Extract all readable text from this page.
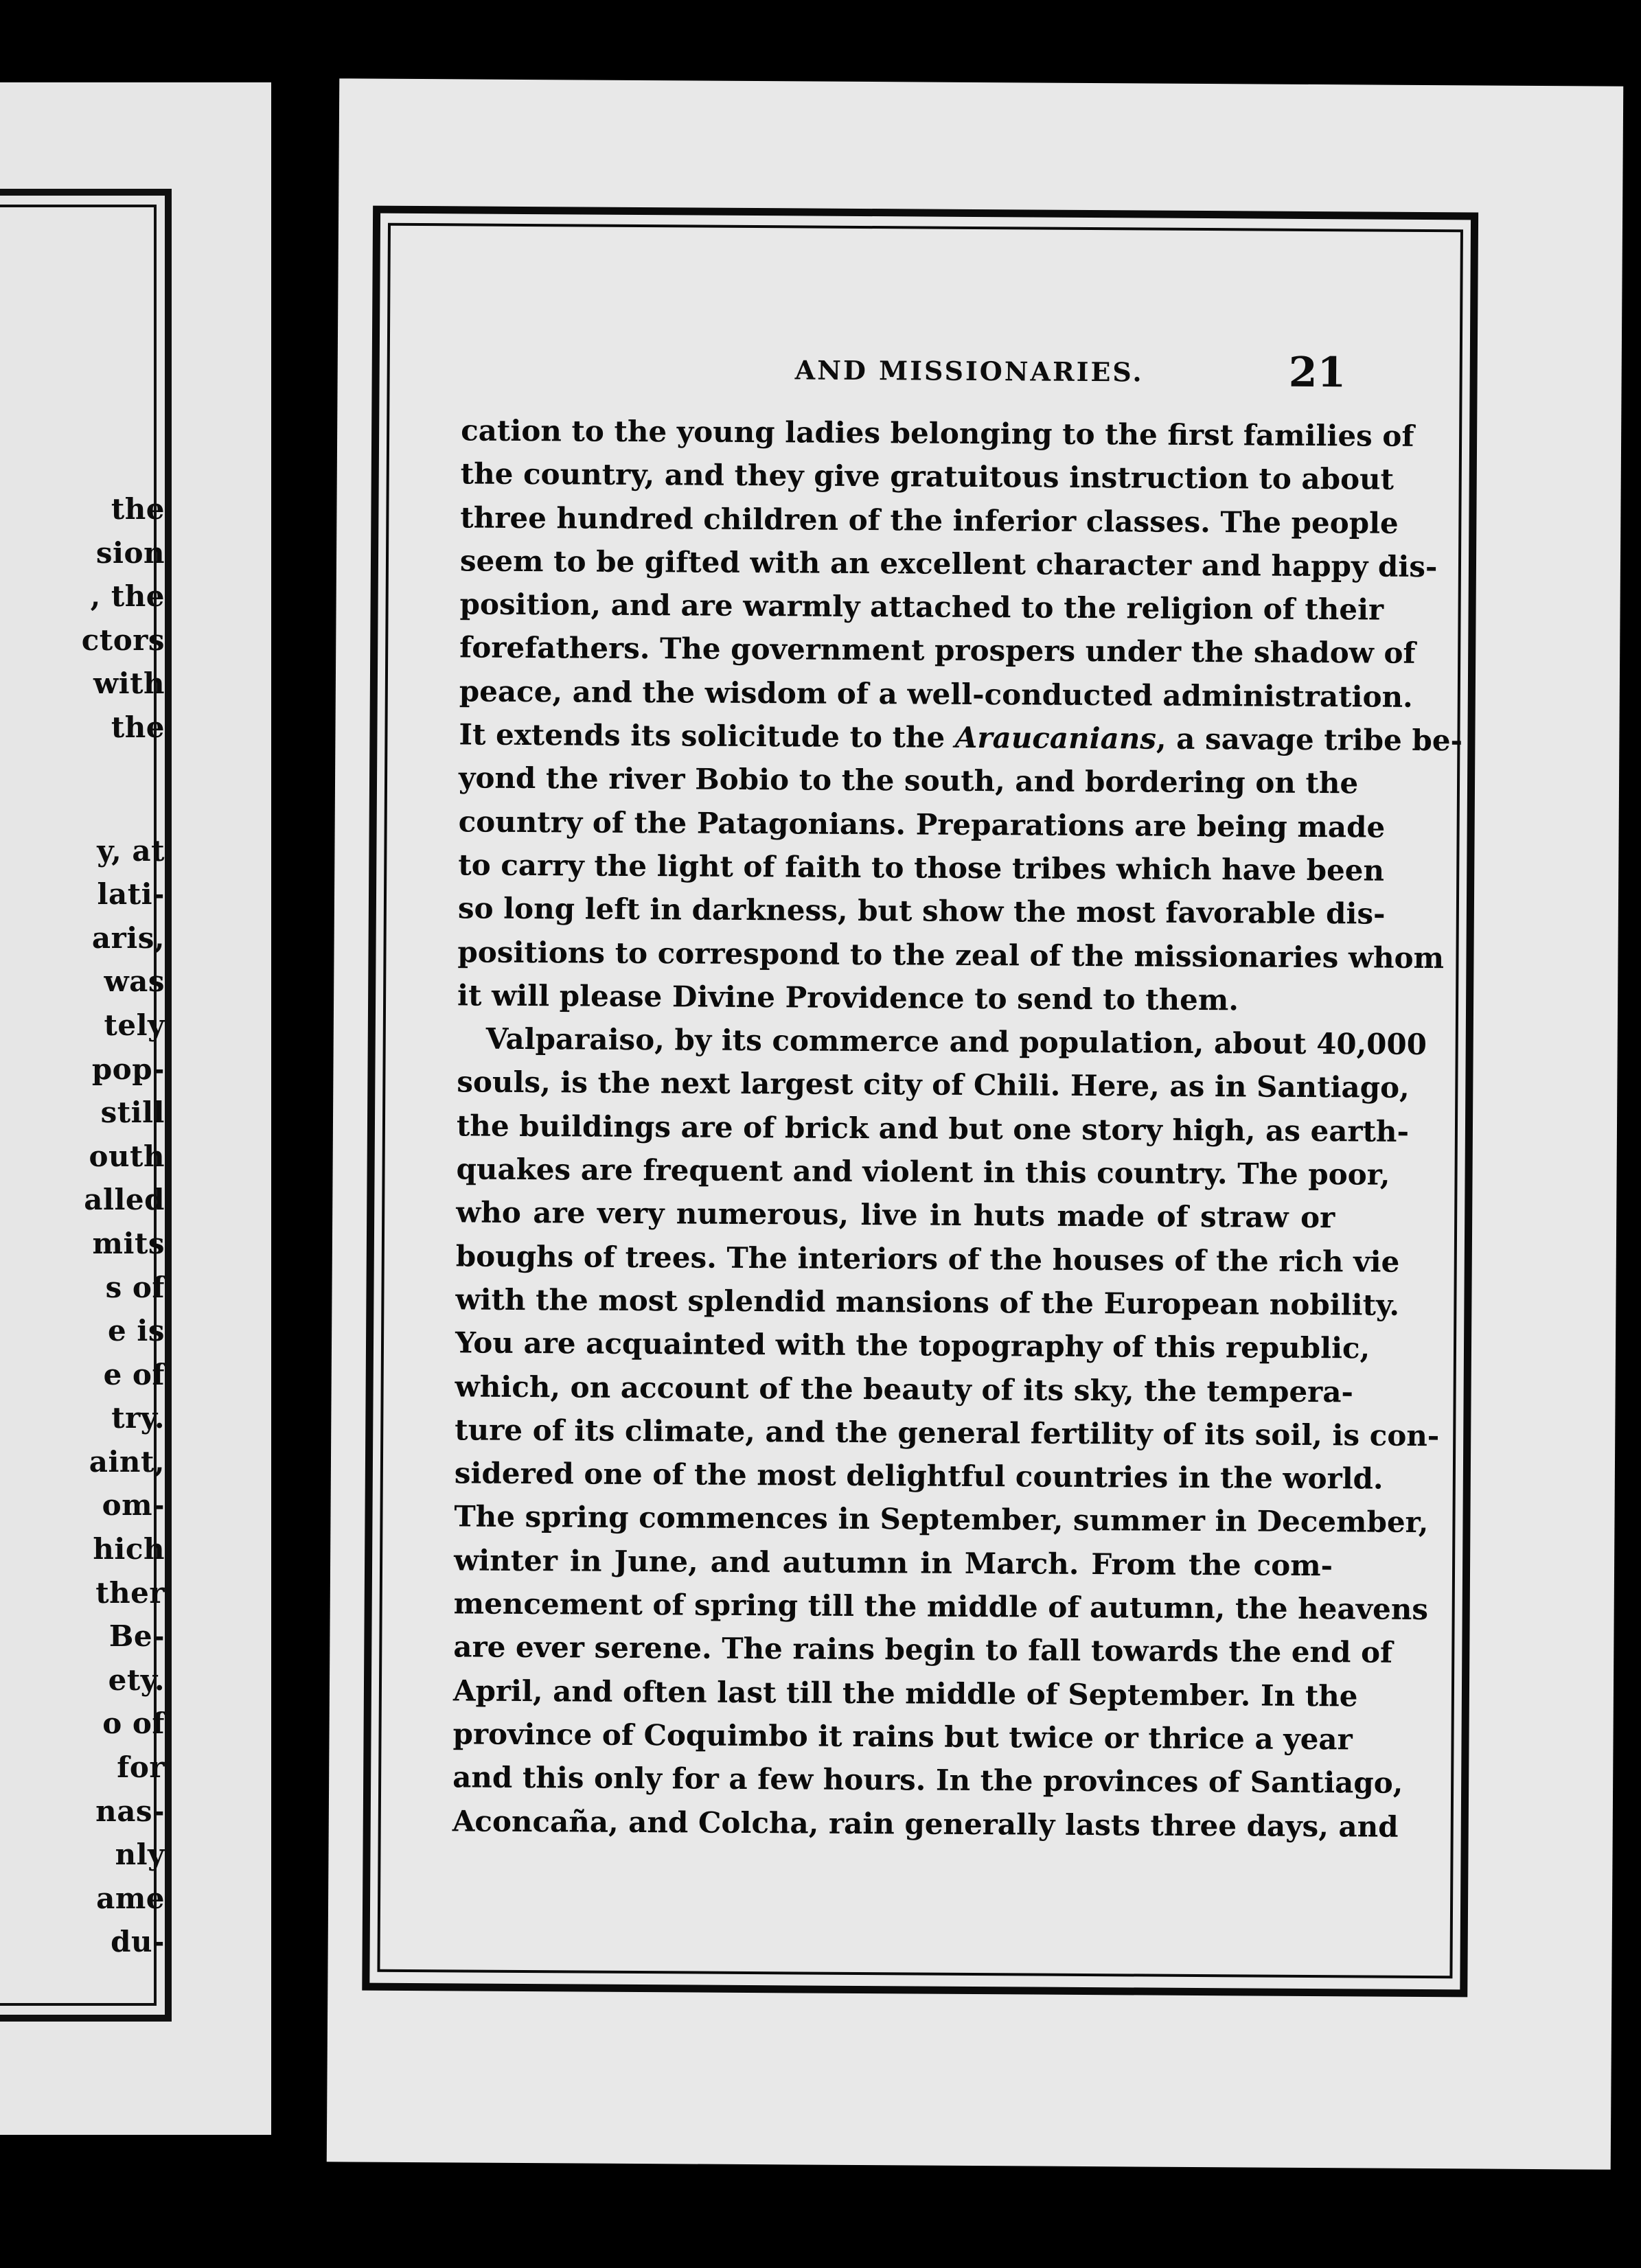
the
sion
, the
ctors
with
the
y, at
lati-
aris,
was
tely
pop-
still
outh
alled
mits
s of
e is
e of
try.
aint,
om-
hich
ther
Be-
ety.
o of
for
nas-
nly
ame
du-
AND MISSIONARIES.	21

cation to the young ladies belonging to the first families of
the country, and they give gratuitous instruction to about
three hundred children of the inferior classes. The people
seem to be gifted with an excellent character and happy dis-
position, and are warmly attached to the religion of their
forefathers. The government prospers under the shadow of
peace, and the wisdom of a well-conducted administration.
It extends its solicitude to the Araucanians, a savage tribe be-
yond the river Bobio to the south, and bordering on the
country of the Patagonians. Preparations are being made
to carry the light of faith to those tribes which have been
so long left in darkness, but show the most favorable dis-
positions to correspond to the zeal of the missionaries whom
it will please Divine Providence to send to them.

Valparaiso, by its commerce and population, about 40,000
souls, is the next largest city of Chili. Here, as in Santiago,
the buildings are of brick and but one story high, as earth-
quakes are frequent and violent in this country. The poor,
who are very numerous, live in huts made of straw or
boughs of trees. The interiors of the houses of the rich vie
with the most splendid mansions of the European nobility.
You are acquainted with the topography of this republic,
which, on account of the beauty of its sky, the tempera-
ture of its climate, and the general fertility of its soil, is con-
sidered one of the most delightful countries in the world.
The spring commences in September, summer in December,
winter in June, and autumn in March. From the com-
mencement of spring till the middle of autumn, the heavens
are ever serene. The rains begin to fall towards the end of
April, and often last till the middle of September. In the
province of Coquimbo it rains but twice or thrice a year
and this only for a few hours. In the provinces of Santiago,
Aconcaña, and Colcha, rain generally lasts three days, and
